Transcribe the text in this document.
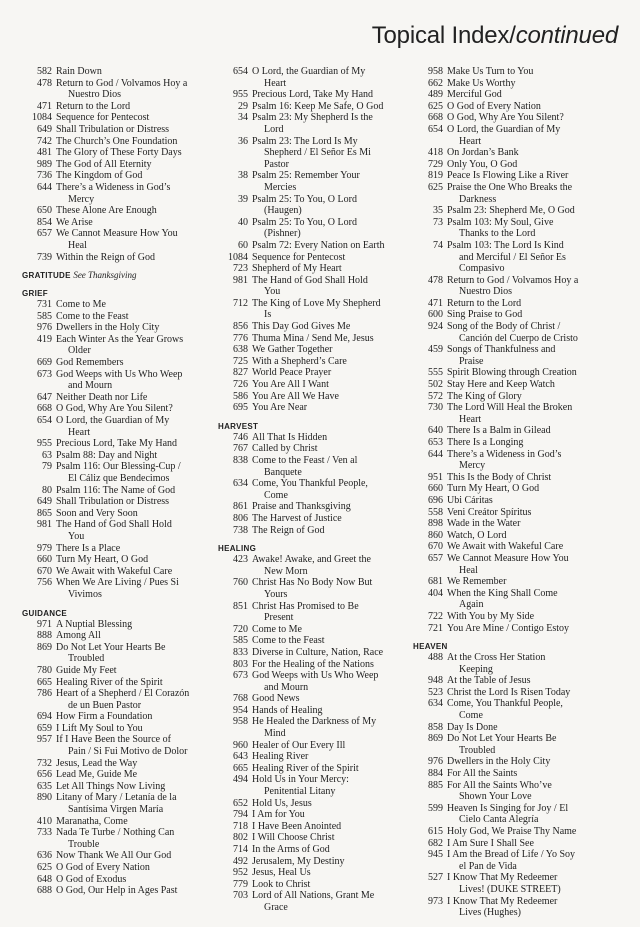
Topical Index/continued
582 Rain Down
478 Return to God / Volvamos Hoy a
Nuestro Dios
471 Return to the Lord
1084 Sequence for Pentecost
649 Shall Tribulation or Distress
742 The Church’s One Foundation
481 The Glory of These Forty Days
989 The God of All Eternity
736 The Kingdom of God
644 There’s a Wideness in God’s
Mercy
650 These Alone Are Enough
854 We Arise
657 We Cannot Measure How You
Heal
739 Within the Reign of God
GRATITUDE See Thanksgiving
GRIEF
731 Come to Me
585 Come to the Feast
976 Dwellers in the Holy City
419 Each Winter As the Year Grows
Older
669 God Remembers
673 God Weeps with Us Who Weep
and Mourn
647 Neither Death nor Life
668 O God, Why Are You Silent?
654 O Lord, the Guardian of My
Heart
955 Precious Lord, Take My Hand
63 Psalm 88: Day and Night
79 Psalm 116: Our Blessing-Cup /
El Cáliz que Bendecimos
80 Psalm 116: The Name of God
649 Shall Tribulation or Distress
865 Soon and Very Soon
981 The Hand of God Shall Hold
You
979 There Is a Place
660 Turn My Heart, O God
670 We Await with Wakeful Care
756 When We Are Living / Pues Si
Vivimos
GUIDANCE
971 A Nuptial Blessing
888 Among All
869 Do Not Let Your Hearts Be
Troubled
780 Guide My Feet
665 Healing River of the Spirit
786 Heart of a Shepherd / El Corazón
de un Buen Pastor
694 How Firm a Foundation
659 I Lift My Soul to You
957 If I Have Been the Source of
Pain / Si Fui Motivo de Dolor
732 Jesus, Lead the Way
656 Lead Me, Guide Me
635 Let All Things Now Living
890 Litany of Mary / Letanía de la
Santísima Virgen María
410 Maranatha, Come
733 Nada Te Turbe / Nothing Can
Trouble
636 Now Thank We All Our God
625 O God of Every Nation
648 O God of Exodus
688 O God, Our Help in Ages Past
654 O Lord, the Guardian of My
Heart
955 Precious Lord, Take My Hand
29 Psalm 16: Keep Me Safe, O God
34 Psalm 23: My Shepherd Is the
Lord
36 Psalm 23: The Lord Is My
Shepherd / El Señor Es Mi
Pastor
38 Psalm 25: Remember Your
Mercies
39 Psalm 25: To You, O Lord
(Haugen)
40 Psalm 25: To You, O Lord
(Pishner)
60 Psalm 72: Every Nation on Earth
1084 Sequence for Pentecost
723 Shepherd of My Heart
981 The Hand of God Shall Hold
You
712 The King of Love My Shepherd
Is
856 This Day God Gives Me
776 Thuma Mina / Send Me, Jesus
638 We Gather Together
725 With a Shepherd’s Care
827 World Peace Prayer
726 You Are All I Want
586 You Are All We Have
695 You Are Near
HARVEST
746 All That Is Hidden
767 Called by Christ
838 Come to the Feast / Ven al
Banquete
634 Come, You Thankful People,
Come
861 Praise and Thanksgiving
806 The Harvest of Justice
738 The Reign of God
HEALING
423 Awake! Awake, and Greet the
New Morn
760 Christ Has No Body Now But
Yours
851 Christ Has Promised to Be
Present
720 Come to Me
585 Come to the Feast
833 Diverse in Culture, Nation, Race
803 For the Healing of the Nations
673 God Weeps with Us Who Weep
and Mourn
768 Good News
954 Hands of Healing
958 He Healed the Darkness of My
Mind
960 Healer of Our Every Ill
643 Healing River
665 Healing River of the Spirit
494 Hold Us in Your Mercy:
Penitential Litany
652 Hold Us, Jesus
794 I Am for You
718 I Have Been Anointed
802 I Will Choose Christ
714 In the Arms of God
492 Jerusalem, My Destiny
952 Jesus, Heal Us
779 Look to Christ
703 Lord of All Nations, Grant Me
Grace
958 Make Us Turn to You
662 Make Us Worthy
489 Merciful God
625 O God of Every Nation
668 O God, Why Are You Silent?
654 O Lord, the Guardian of My
Heart
418 On Jordan’s Bank
729 Only You, O God
819 Peace Is Flowing Like a River
625 Praise the One Who Breaks the
Darkness
35 Psalm 23: Shepherd Me, O God
73 Psalm 103: My Soul, Give
Thanks to the Lord
74 Psalm 103: The Lord Is Kind
and Merciful / El Señor Es
Compasivo
478 Return to God / Volvamos Hoy a
Nuestro Dios
471 Return to the Lord
600 Sing Praise to God
924 Song of the Body of Christ /
Canción del Cuerpo de Cristo
459 Songs of Thankfulness and
Praise
555 Spirit Blowing through Creation
502 Stay Here and Keep Watch
572 The King of Glory
730 The Lord Will Heal the Broken
Heart
640 There Is a Balm in Gilead
653 There Is a Longing
644 There’s a Wideness in God’s
Mercy
951 This Is the Body of Christ
660 Turn My Heart, O God
696 Ubi Cáritas
558 Veni Creátor Spíritus
898 Wade in the Water
860 Watch, O Lord
670 We Await with Wakeful Care
657 We Cannot Measure How You
Heal
681 We Remember
404 When the King Shall Come
Again
722 With You by My Side
721 You Are Mine / Contigo Estoy
HEAVEN
488 At the Cross Her Station
Keeping
948 At the Table of Jesus
523 Christ the Lord Is Risen Today
634 Come, You Thankful People,
Come
858 Day Is Done
869 Do Not Let Your Hearts Be
Troubled
976 Dwellers in the Holy City
884 For All the Saints
885 For All the Saints Who’ve
Shown Your Love
599 Heaven Is Singing for Joy / El
Cielo Canta Alegría
615 Holy God, We Praise Thy Name
682 I Am Sure I Shall See
945 I Am the Bread of Life / Yo Soy
el Pan de Vida
527 I Know That My Redeemer
Lives! (DUKE STREET)
973 I Know That My Redeemer
Lives (Hughes)
